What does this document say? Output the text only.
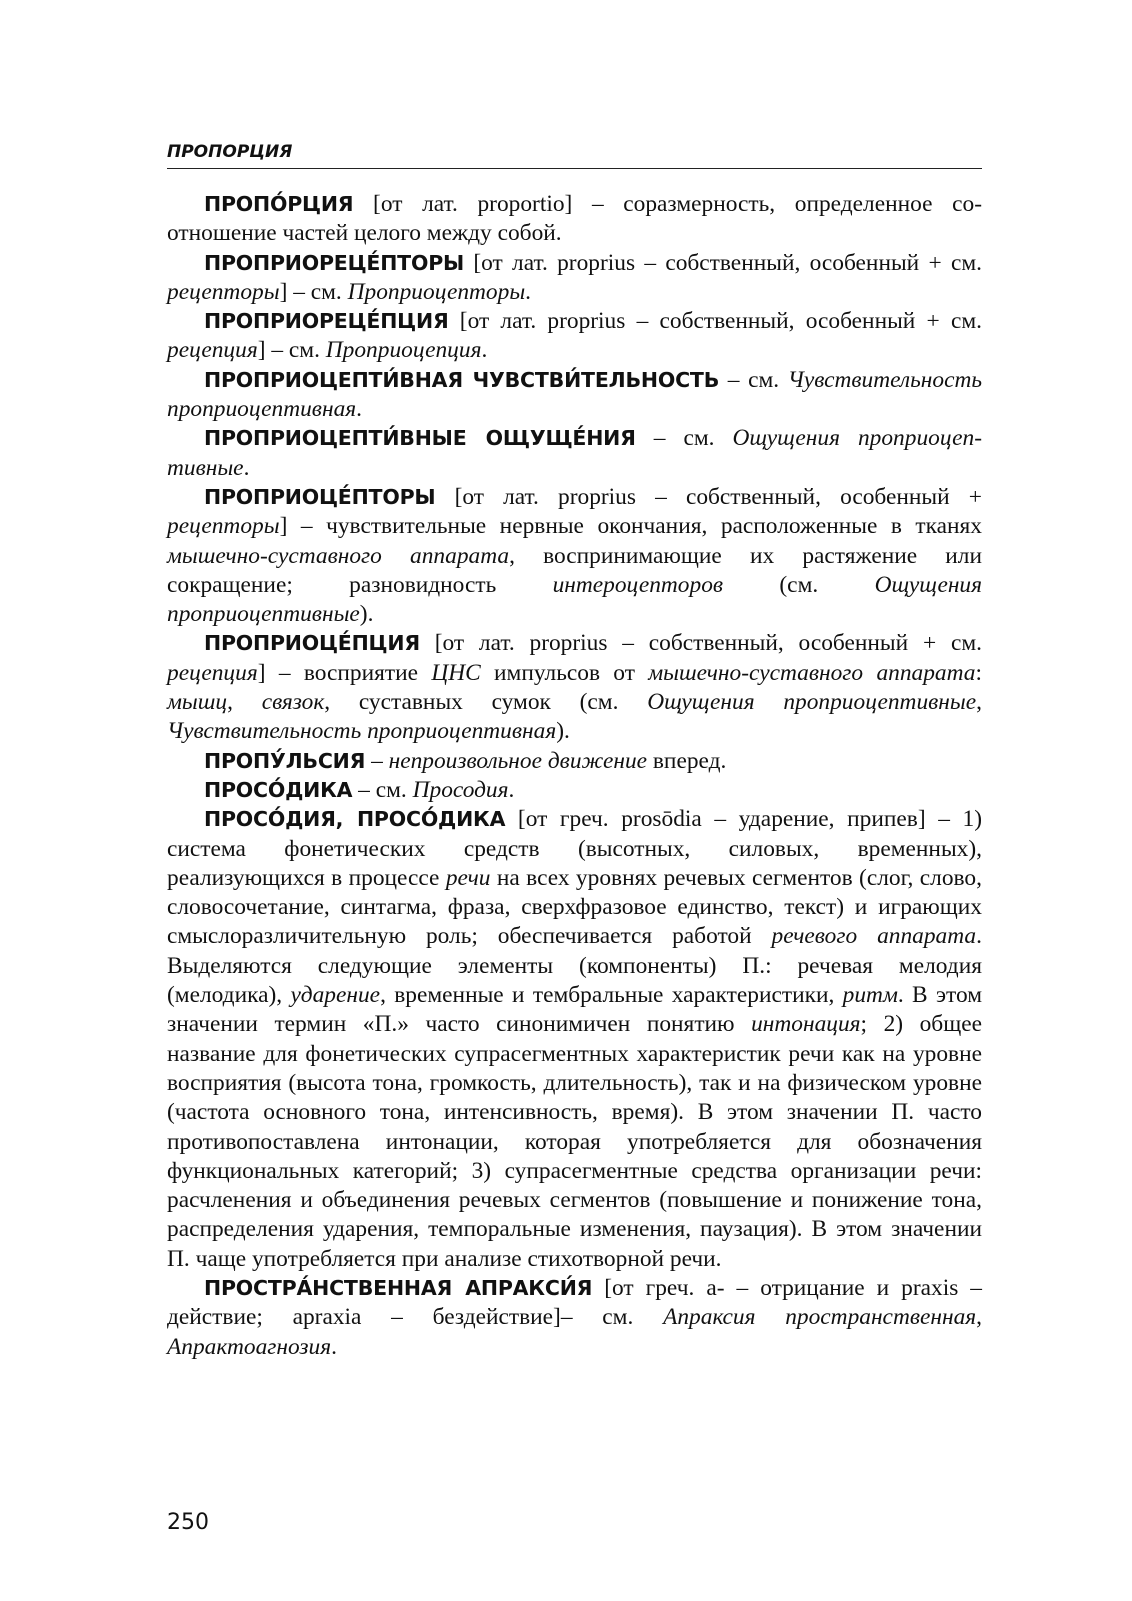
ПРОПОРЦИЯ

ПРОПО́РЦИЯ [от лат. proportio] – соразмерность, определенное соотношение частей целого между собой.

ПРОПРИОРЕЦЕ́ПТОРЫ [от лат. proprius – собственный, особенный + см. рецепторы] – см. Проприоцепторы.

ПРОПРИОРЕЦЕ́ПЦИЯ [от лат. proprius – собственный, особенный + см. рецепция] – см. Проприоцепция.

ПРОПРИОЦЕПТИ́ВНАЯ ЧУВСТВИ́ТЕЛЬНОСТЬ – см. Чувствительность проприоцептивная.

ПРОПРИОЦЕПТИ́ВНЫЕ ОЩУЩЕ́НИЯ – см. Ощущения проприоцептивные.

ПРОПРИОЦЕ́ПТОРЫ [от лат. proprius – собственный, особенный + рецепторы] – чувствительные нервные окончания, расположенные в тканях мышечно-суставного аппарата, воспринимающие их растяжение или сокращение; разновидность интероцепторов (см. Ощущения проприоцептивные).

ПРОПРИОЦЕ́ПЦИЯ [от лат. proprius – собственный, особенный + см. рецепция] – восприятие ЦНС импульсов от мышечно-суставного аппарата: мышц, связок, суставных сумок (см. Ощущения проприоцептивные, Чувствительность проприоцептивная).

ПРОПУ́ЛЬСИЯ – непроизвольное движение вперед.

ПРОСО́ДИКА – см. Просодия.

ПРОСО́ДИЯ, ПРОСО́ДИКА [от греч. prosōdia – ударение, припев] – 1) система фонетических средств (высотных, силовых, временных), реализующихся в процессе речи на всех уровнях речевых сегментов (слог, слово, словосочетание, синтагма, фраза, сверхфразовое единство, текст) и играющих смыслоразличительную роль; обеспечивается работой речевого аппарата. Выделяются следующие элементы (компоненты) П.: речевая мелодия (мелодика), ударение, временные и тембральные характеристики, ритм. В этом значении термин «П.» часто синонимичен понятию интонация; 2) общее название для фонетических супрасегментных характеристик речи как на уровне восприятия (высота тона, громкость, длительность), так и на физическом уровне (частота основного тона, интенсивность, время). В этом значении П. часто противопоставлена интонации, которая употребляется для обозначения функциональных категорий; 3) супрасегментные средства организации речи: расчленения и объединения речевых сегментов (повышение и понижение тона, распределения ударения, темпоральные изменения, паузация). В этом значении П. чаще употребляется при анализе стихотворной речи.

ПРОСТРА́НСТВЕННАЯ АПРАКСИ́Я [от греч. a- – отрицание и praxis – действие; apraxia – бездействие]– см. Апраксия пространственная, Апрактоагнозия.

250
